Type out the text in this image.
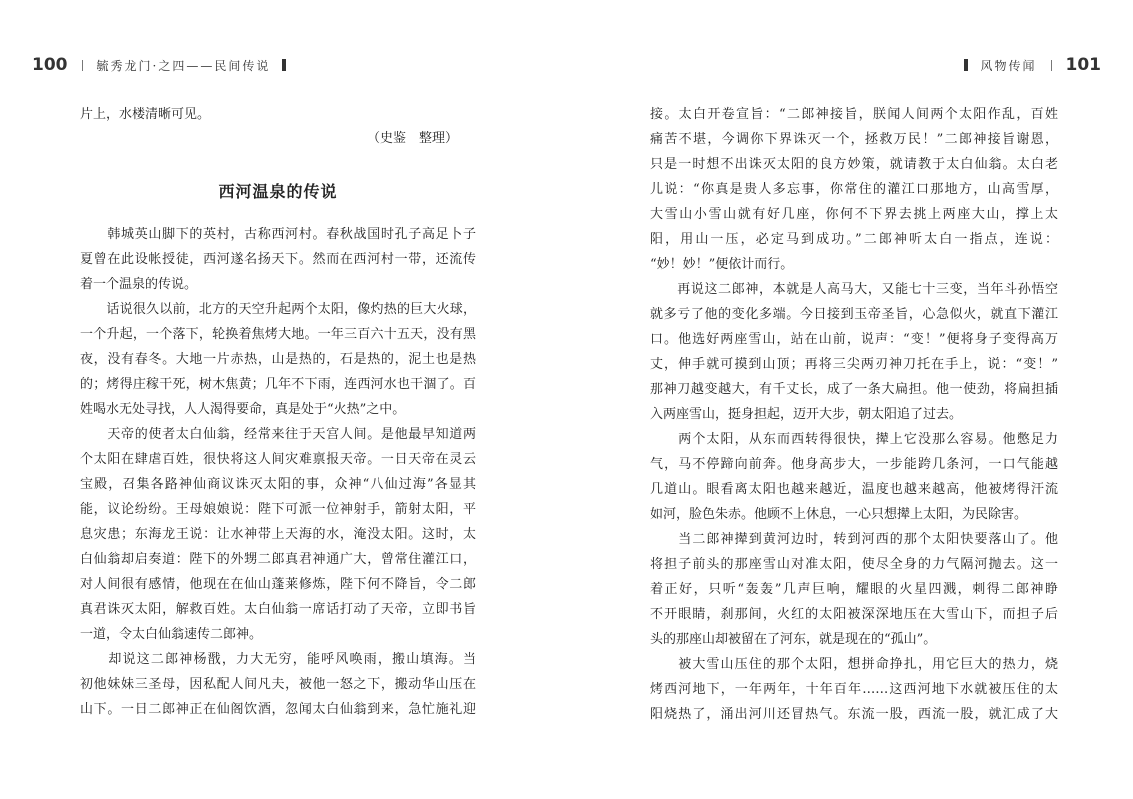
100 毓秀龙门·之四——民间传说	风物传闻 101
片上，水楼清晰可见。
（史鉴　整理）
西河温泉的传说
　　韩城英山脚下的英村，古称西河村。春秋战国时孔子高足卜子
夏曾在此设帐授徒，西河遂名扬天下。然而在西河村一带，还流传
着一个温泉的传说。
　　话说很久以前，北方的天空升起两个太阳，像灼热的巨大火球，
一个升起，一个落下，轮换着焦烤大地。一年三百六十五天，没有黑
夜，没有春冬。大地一片赤热，山是热的，石是热的，泥土也是热
的；烤得庄稼干死，树木焦黄；几年不下雨，连西河水也干涸了。百
姓喝水无处寻找，人人渴得要命，真是处于“火热”之中。
　　天帝的使者太白仙翁，经常来往于天宫人间。是他最早知道两
个太阳在肆虐百姓，很快将这人间灾难禀报天帝。一日天帝在灵云
宝殿，召集各路神仙商议诛灭太阳的事，众神“八仙过海”各显其
能，议论纷纷。王母娘娘说：陛下可派一位神射手，箭射太阳，平
息灾患；东海龙王说：让水神带上天海的水，淹没太阳。这时，太
白仙翁却启奏道：陛下的外甥二郎真君神通广大，曾常住灌江口，
对人间很有感情，他现在在仙山蓬莱修炼，陛下何不降旨，令二郎
真君诛灭太阳，解救百姓。太白仙翁一席话打动了天帝，立即书旨
一道，令太白仙翁速传二郎神。
　　却说这二郎神杨戬，力大无穷，能呼风唤雨，搬山填海。当
初他妹妹三圣母，因私配人间凡夫，被他一怒之下，搬动华山压在
山下。一日二郎神正在仙阁饮酒，忽闻太白仙翁到来，急忙施礼迎
接。太白开卷宣旨：“二郎神接旨，朕闻人间两个太阳作乱，百姓
痛苦不堪，今调你下界诛灭一个，拯救万民！”二郎神接旨谢恩，
只是一时想不出诛灭太阳的良方妙策，就请教于太白仙翁。太白老
儿说：“你真是贵人多忘事，你常住的灌江口那地方，山高雪厚，
大雪山小雪山就有好几座，你何不下界去挑上两座大山，撑上太
阳，用山一压，必定马到成功。”二郎神听太白一指点，连说：
“妙！妙！”便依计而行。
　　再说这二郎神，本就是人高马大，又能七十三变，当年斗孙悟空
就多亏了他的变化多端。今日接到玉帝圣旨，心急似火，就直下灌江
口。他选好两座雪山，站在山前，说声：“变！”便将身子变得高万
丈，伸手就可摸到山顶；再将三尖两刃神刀托在手上，说：“变！”
那神刀越变越大，有千丈长，成了一条大扁担。他一使劲，将扁担插
入两座雪山，挺身担起，迈开大步，朝太阳追了过去。
　　两个太阳，从东而西转得很快，撵上它没那么容易。他憋足力
气，马不停蹄向前奔。他身高步大，一步能跨几条河，一口气能越
几道山。眼看离太阳也越来越近，温度也越来越高，他被烤得汗流
如河，脸色朱赤。他顾不上休息，一心只想撵上太阳，为民除害。
　　当二郎神撵到黄河边时，转到河西的那个太阳快要落山了。他
将担子前头的那座雪山对准太阳，使尽全身的力气隔河抛去。这一
着正好，只听“轰轰”几声巨响，耀眼的火星四溅，刺得二郎神睁
不开眼睛，刹那间，火红的太阳被深深地压在大雪山下，而担子后
头的那座山却被留在了河东，就是现在的“孤山”。
　　被大雪山压住的那个太阳，想拼命挣扎，用它巨大的热力，烧
烤西河地下，一年两年，十年百年……这西河地下水就被压住的太
阳烧热了，涌出河川还冒热气。东流一股，西流一股，就汇成了大
